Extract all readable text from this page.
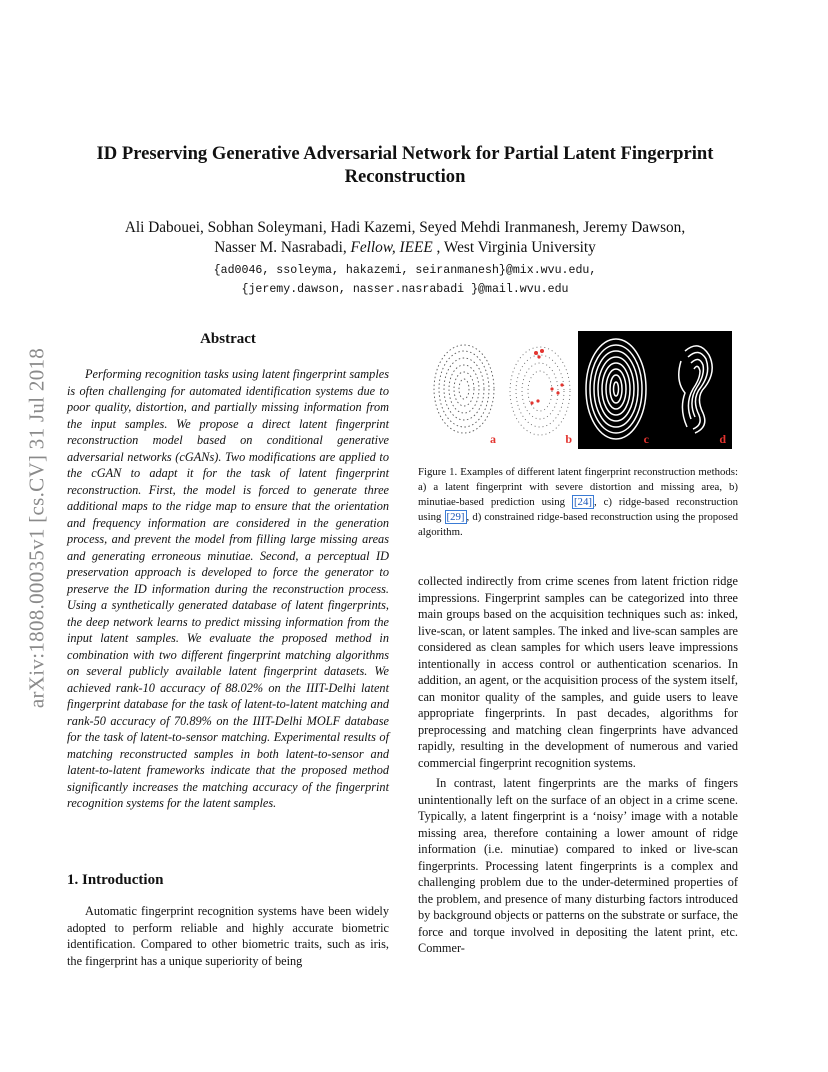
arXiv:1808.00035v1 [cs.CV] 31 Jul 2018
ID Preserving Generative Adversarial Network for Partial Latent Fingerprint Reconstruction
Ali Dabouei, Sobhan Soleymani, Hadi Kazemi, Seyed Mehdi Iranmanesh, Jeremy Dawson,
Nasser M. Nasrabadi, Fellow, IEEE , West Virginia University
{ad0046, ssoleyma, hakazemi, seiranmanesh}@mix.wvu.edu,
{jeremy.dawson, nasser.nasrabadi }@mail.wvu.edu
Abstract

Performing recognition tasks using latent fingerprint samples is often challenging for automated identification systems due to poor quality, distortion, and partially missing information from the input samples. We propose a direct latent fingerprint reconstruction model based on conditional generative adversarial networks (cGANs). Two modifications are applied to the cGAN to adapt it for the task of latent fingerprint reconstruction. First, the model is forced to generate three additional maps to the ridge map to ensure that the orientation and frequency information are considered in the generation process, and prevent the model from filling large missing areas and generating erroneous minutiae. Second, a perceptual ID preservation approach is developed to force the generator to preserve the ID information during the reconstruction process. Using a synthetically generated database of latent fingerprints, the deep network learns to predict missing information from the input latent samples. We evaluate the proposed method in combination with two different fingerprint matching algorithms on several publicly available latent fingerprint datasets. We achieved rank-10 accuracy of 88.02% on the IIIT-Delhi latent fingerprint database for the task of latent-to-latent matching and rank-50 accuracy of 70.89% on the IIIT-Delhi MOLF database for the task of latent-to-sensor matching. Experimental results of matching reconstructed samples in both latent-to-sensor and latent-to-latent frameworks indicate that the proposed method significantly increases the matching accuracy of the fingerprint recognition systems for the latent samples.

1. Introduction

Automatic fingerprint recognition systems have been widely adopted to perform reliable and highly accurate biometric identification. Compared to other biometric traits, such as iris, the fingerprint has a unique superiority of being

a	b	c	d
Figure 1. Examples of different latent fingerprint reconstruction methods: a) a latent fingerprint with severe distortion and missing area, b) minutiae-based prediction using [24] , c) ridge-based reconstruction using [29] , d) constrained ridge-based reconstruction using the proposed algorithm.

collected indirectly from crime scenes from latent friction ridge impressions. Fingerprint samples can be categorized into three main groups based on the acquisition techniques such as: inked, live-scan, or latent samples. The inked and live-scan samples are considered as clean samples for which users leave impressions intentionally in access control or authentication scenarios. In addition, an agent, or the acquisition process of the system itself, can monitor quality of the samples, and guide users to leave appropriate fingerprints. In past decades, algorithms for preprocessing and matching clean fingerprints have advanced rapidly, resulting in the development of numerous and varied commercial fingerprint recognition systems.

In contrast, latent fingerprints are the marks of fingers unintentionally left on the surface of an object in a crime scene. Typically, a latent fingerprint is a ‘noisy’ image with a notable missing area, therefore containing a lower amount of ridge information (i.e. minutiae) compared to inked or live-scan fingerprints. Processing latent fingerprints is a complex and challenging problem due to the under-determined properties of the problem, and presence of many disturbing factors introduced by background objects or patterns on the substrate or surface, the force and torque involved in depositing the latent print, etc. Commer-
